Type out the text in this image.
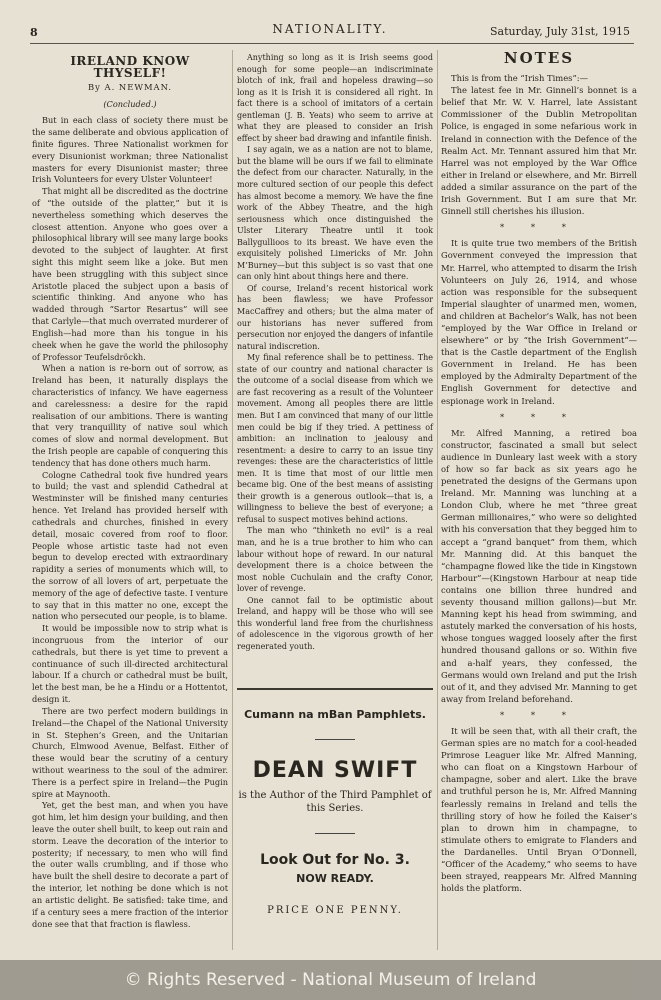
8	NATIONALITY.	Saturday, July 31st, 1915
IRELAND KNOW THYSELF!
By A. NEWMAN.
(Concluded.)

But in each class of society there must be the same deliberate and obvious application of finite figures. Three Nationalist workmen for every Disunionist workman; three Nationalist masters for every Disunionist master; three Irish Volunteers for every Ulster Volunteer!

That might all be discredited as the doctrine of “the outside of the platter,” but it is nevertheless something which deserves the closest attention. Anyone who goes over a philosophical library will see many large books devoted to the subject of laughter. At first sight this might seem like a joke. But men have been struggling with this subject since Aristotle placed the subject upon a basis of scientific thinking. And anyone who has wadded through “Sartor Resartus” will see that Carlyle—that much overrated murderer of English—had more than his tongue in his cheek when he gave the world the philosophy of Professor Teufelsdröckh.

When a nation is re-born out of sorrow, as Ireland has been, it naturally displays the characteristics of infancy. We have eagerness and carelessness: a desire for the rapid realisation of our ambitions. There is wanting that very tranquillity of native soul which comes of slow and normal development. But the Irish people are capable of conquering this tendency that has done others much harm.

Cologne Cathedral took five hundred years to build; the vast and splendid Cathedral at Westminster will be finished many centuries hence. Yet Ireland has provided herself with cathedrals and churches, finished in every detail, mosaic covered from roof to floor. People whose artistic taste had not even begun to develop erected with extraordinary rapidity a series of monuments which will, to the sorrow of all lovers of art, perpetuate the memory of the age of defective taste. I venture to say that in this matter no one, except the nation who persecuted our people, is to blame.

It would be impossible now to strip what is incongruous from the interior of our cathedrals, but there is yet time to prevent a continuance of such ill-directed architectural labour. If a church or cathedral must be built, let the best man, be he a Hindu or a Hottentot, design it.

There are two perfect modern buildings in Ireland—the Chapel of the National University in St. Stephen’s Green, and the Unitarian Church, Elmwood Avenue, Belfast. Either of these would bear the scrutiny of a century without weariness to the soul of the admirer. There is a perfect spire in Ireland—the Pugin spire at Maynooth.

Yet, get the best man, and when you have got him, let him design your building, and then leave the outer shell built, to keep out rain and storm. Leave the decoration of the interior to posterity; if necessary, to men who will find the outer walls crumbling, and if those who have built the shell desire to decorate a part of the interior, let nothing be done which is not an artistic delight. Be satisfied: take time, and if a century sees a mere fraction of the interior done see that that fraction is flawless.

Anything so long as it is Irish seems good enough for some people—an indiscriminate blotch of ink, frail and hopeless drawing—so long as it is Irish it is considered all right. In fact there is a school of imitators of a certain gentleman (J. B. Yeats) who seem to arrive at what they are pleased to consider an Irish effect by sheer bad drawing and infantile finish.

I say again, we as a nation are not to blame, but the blame will be ours if we fail to eliminate the defect from our character. Naturally, in the more cultured section of our people this defect has almost become a memory. We have the fine work of the Abbey Theatre, and the high seriousness which once distinguished the Ulster Literary Theatre until it took Ballygullioos to its breast. We have even the exquisitely polished Limericks of Mr. John M’Burney—but this subject is so vast that one can only hint about things here and there.

Of course, Ireland’s recent historical work has been flawless; we have Professor MacCaffrey and others; but the alma mater of our historians has never suffered from persecution nor enjoyed the dangers of infantile natural indiscretion.

My final reference shall be to pettiness. The state of our country and national character is the outcome of a social disease from which we are fast recovering as a result of the Volunteer movement. Among all peoples there are little men. But I am convinced that many of our little men could be big if they tried. A pettiness of ambition: an inclination to jealousy and resentment: a desire to carry to an issue tiny revenges: these are the characteristics of little men. It is time that most of our little men became big. One of the best means of assisting their growth is a generous outlook—that is, a willingness to believe the best of everyone; a refusal to suspect motives behind actions.

The man who “thinketh no evil” is a real man, and he is a true brother to him who can labour without hope of reward. In our natural development there is a choice between the most noble Cuchulain and the crafty Conor, lover of revenge.

One cannot fail to be optimistic about Ireland, and happy will be those who will see this wonderful land free from the churlishness of adolescence in the vigorous growth of her regenerated youth.

Cumann na mBan Pamphlets.
DEAN SWIFT
is the Author of the Third Pamphlet of this Series.
Look Out for No. 3.
NOW READY.
PRICE ONE PENNY.
NOTES

This is from the “Irish Times”:—

The latest fee in Mr. Ginnell’s bonnet is a belief that Mr. W. V. Harrel, late Assistant Commissioner of the Dublin Metropolitan Police, is engaged in some nefarious work in Ireland in connection with the Defence of the Realm Act. Mr. Tennant assured him that Mr. Harrel was not employed by the War Office either in Ireland or elsewhere, and Mr. Birrell added a similar assurance on the part of the Irish Government. But I am sure that Mr. Ginnell still cherishes his illusion.

* * *

It is quite true two members of the British Government conveyed the impression that Mr. Harrel, who attempted to disarm the Irish Volunteers on July 26, 1914, and whose action was responsible for the subsequent Imperial slaughter of unarmed men, women, and children at Bachelor’s Walk, has not been “employed by the War Office in Ireland or elsewhere” or by “the Irish Government”—that is the Castle department of the English Government in Ireland. He has been employed by the Admiralty Department of the English Government for detective and espionage work in Ireland.

* * *

Mr. Alfred Manning, a retired boa constructor, fascinated a small but select audience in Dunleary last week with a story of how so far back as six years ago he penetrated the designs of the Germans upon Ireland. Mr. Manning was lunching at a London Club, where he met “three great German millionaires,” who were so delighted with his conversation that they begged him to accept a “grand banquet” from them, which Mr. Manning did. At this banquet the “champagne flowed like the tide in Kingstown Harbour”—(Kingstown Harbour at neap tide contains one billion three hundred and seventy thousand million gallons)—but Mr. Manning kept his head from swimming, and astutely marked the conversation of his hosts, whose tongues wagged loosely after the first hundred thousand gallons or so. Within five and a-half years, they confessed, the Germans would own Ireland and put the Irish out of it, and they advised Mr. Manning to get away from Ireland beforehand.

* * *

It will be seen that, with all their craft, the German spies are no match for a cool-headed Primrose Leaguer like Mr. Alfred Manning, who can float on a Kingstown Harbour of champagne, sober and alert. Like the brave and truthful person he is, Mr. Alfred Manning fearlessly remains in Ireland and tells the thrilling story of how he foiled the Kaiser’s plan to drown him in champagne, to stimulate others to emigrate to Flanders and the Dardanelles. Until Bryan O’Donnell, “Officer of the Academy,” who seems to have been strayed, reappears Mr. Alfred Manning holds the platform.

© Rights Reserved - National Museum of Ireland
